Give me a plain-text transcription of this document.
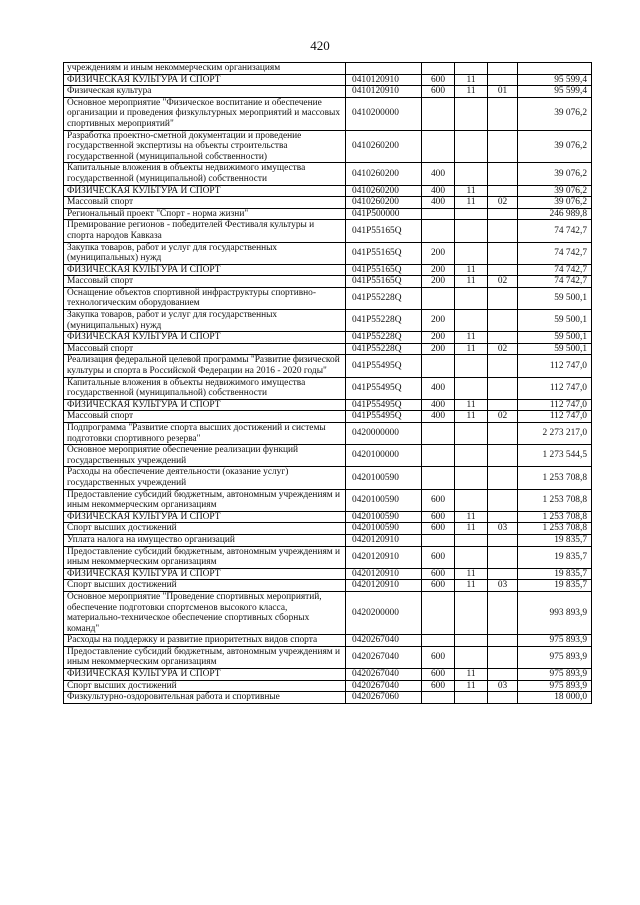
420
учреждениям и иным некоммерческим организациям					
ФИЗИЧЕСКАЯ КУЛЬТУРА И СПОРТ	0410120910	600	11		95 599,4
Физическая культура	0410120910	600	11	01	95 599,4
Основное мероприятие "Физическое воспитание и обеспечение организации и проведения физкультурных мероприятий и массовых спортивных мероприятий"	0410200000				39 076,2
Разработка проектно-сметной документации и проведение государственной экспертизы на объекты строительства государственной (муниципальной собственности)	0410260200				39 076,2
Капитальные вложения в объекты недвижимого имущества государственной (муниципальной) собственности	0410260200	400			39 076,2
ФИЗИЧЕСКАЯ КУЛЬТУРА И СПОРТ	0410260200	400	11		39 076,2
Массовый спорт	0410260200	400	11	02	39 076,2
Региональный проект "Спорт - норма жизни"	041P500000				246 989,8
Премирование регионов - победителей Фестиваля культуры и спорта народов Кавказа	041P55165Q				74 742,7
Закупка товаров, работ и услуг для государственных (муниципальных) нужд	041P55165Q	200			74 742,7
ФИЗИЧЕСКАЯ КУЛЬТУРА И СПОРТ	041P55165Q	200	11		74 742,7
Массовый спорт	041P55165Q	200	11	02	74 742,7
Оснащение объектов спортивной инфраструктуры спортивно-технологическим оборудованием	041P55228Q				59 500,1
Закупка товаров, работ и услуг для государственных (муниципальных) нужд	041P55228Q	200			59 500,1
ФИЗИЧЕСКАЯ КУЛЬТУРА И СПОРТ	041P55228Q	200	11		59 500,1
Массовый спорт	041P55228Q	200	11	02	59 500,1
Реализация федеральной целевой программы "Развитие физической культуры и спорта в Российской Федерации на 2016 - 2020 годы"	041P55495Q				112 747,0
Капитальные вложения в объекты недвижимого имущества государственной (муниципальной) собственности	041P55495Q	400			112 747,0
ФИЗИЧЕСКАЯ КУЛЬТУРА И СПОРТ	041P55495Q	400	11		112 747,0
Массовый спорт	041P55495Q	400	11	02	112 747,0
Подпрограмма "Развитие спорта высших достижений и системы подготовки спортивного резерва"	0420000000				2 273 217,0
Основное мероприятие обеспечение реализации функций государственных учреждений	0420100000				1 273 544,5
Расходы на обеспечение деятельности (оказание услуг) государственных учреждений	0420100590				1 253 708,8
Предоставление субсидий бюджетным, автономным учреждениям и иным некоммерческим организациям	0420100590	600			1 253 708,8
ФИЗИЧЕСКАЯ КУЛЬТУРА И СПОРТ	0420100590	600	11		1 253 708,8
Спорт высших достижений	0420100590	600	11	03	1 253 708,8
Уплата налога на имущество организаций	0420120910				19 835,7
Предоставление субсидий бюджетным, автономным учреждениям и иным некоммерческим организациям	0420120910	600			19 835,7
ФИЗИЧЕСКАЯ КУЛЬТУРА И СПОРТ	0420120910	600	11		19 835,7
Спорт высших достижений	0420120910	600	11	03	19 835,7
Основное мероприятие "Проведение спортивных мероприятий, обеспечение подготовки спортсменов высокого класса, материально-техническое обеспечение спортивных сборных команд"	0420200000				993 893,9
Расходы на поддержку и развитие приоритетных видов спорта	0420267040				975 893,9
Предоставление субсидий бюджетным, автономным учреждениям и иным некоммерческим организациям	0420267040	600			975 893,9
ФИЗИЧЕСКАЯ КУЛЬТУРА И СПОРТ	0420267040	600	11		975 893,9
Спорт высших достижений	0420267040	600	11	03	975 893,9
Физкультурно-оздоровительная работа и спортивные	0420267060				18 000,0
